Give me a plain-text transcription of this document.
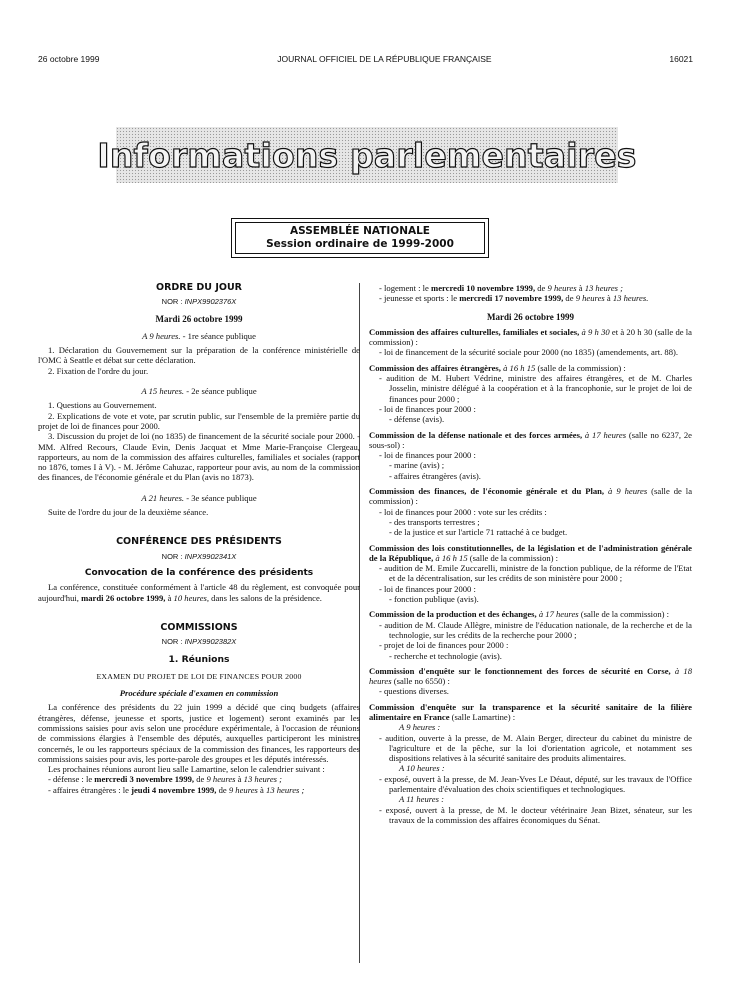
26 octobre 1999	JOURNAL OFFICIEL DE LA RÉPUBLIQUE FRANÇAISE	16021
Informations parlementaires
ASSEMBLÉE NATIONALE
Session ordinaire de 1999-2000
ORDRE DU JOUR
NOR : INPX9902376X
Mardi 26 octobre 1999
A 9 heures. - 1re séance publique
1. Déclaration du Gouvernement sur la préparation de la conférence ministérielle de l'OMC à Seattle et débat sur cette déclaration.
2. Fixation de l'ordre du jour.
A 15 heures. - 2e séance publique
1. Questions au Gouvernement.
2. Explications de vote et vote, par scrutin public, sur l'ensemble de la première partie du projet de loi de finances pour 2000.
3. Discussion du projet de loi (no 1835) de financement de la sécurité sociale pour 2000. - MM. Alfred Recours, Claude Evin, Denis Jacquat et Mme Marie-Françoise Clergeau, rapporteurs, au nom de la commission des affaires culturelles, familiales et sociales (rapport no 1876, tomes I à V). - M. Jérôme Cahuzac, rapporteur pour avis, au nom de la commission des finances, de l'économie générale et du Plan (avis no 1873).
A 21 heures. - 3e séance publique
Suite de l'ordre du jour de la deuxième séance.
CONFÉRENCE DES PRÉSIDENTS
NOR : INPX9902341X
Convocation de la conférence des présidents
La conférence, constituée conformément à l'article 48 du règlement, est convoquée pour aujourd'hui, mardi 26 octobre 1999, à 10 heures, dans les salons de la présidence.
COMMISSIONS
NOR : INPX9902382X
1. Réunions
EXAMEN DU PROJET DE LOI DE FINANCES POUR 2000
Procédure spéciale d'examen en commission
La conférence des présidents du 22 juin 1999 a décidé que cinq budgets (affaires étrangères, défense, jeunesse et sports, justice et logement) seront examinés par les commissions saisies pour avis selon une procédure expérimentale, à l'occasion de réunions de commissions élargies à l'ensemble des députés, auxquelles participeront les ministres concernés, le ou les rapporteurs spéciaux de la commission des finances, les rapporteurs des commissions saisies pour avis, les porte-parole des groupes et les députés intéressés.
Les prochaines réunions auront lieu salle Lamartine, selon le calendrier suivant :
- défense : le mercredi 3 novembre 1999, de 9 heures à 13 heures ;
- affaires étrangères : le jeudi 4 novembre 1999, de 9 heures à 13 heures ;
- logement : le mercredi 10 novembre 1999, de 9 heures à 13 heures ;
- jeunesse et sports : le mercredi 17 novembre 1999, de 9 heures à 13 heures.
Mardi 26 octobre 1999
Commission des affaires culturelles, familiales et sociales, à 9 h 30 et à 20 h 30 (salle de la commission) :
- loi de financement de la sécurité sociale pour 2000 (no 1835) (amendements, art. 88).
Commission des affaires étrangères, à 16 h 15 (salle de la commission) :
- audition de M. Hubert Védrine, ministre des affaires étrangères, et de M. Charles Josselin, ministre délégué à la coopération et à la francophonie, sur le projet de loi de finances pour 2000 ;
- loi de finances pour 2000 :
- défense (avis).
Commission de la défense nationale et des forces armées, à 17 heures (salle no 6237, 2e sous-sol) :
- loi de finances pour 2000 :
- marine (avis) ;
- affaires étrangères (avis).
Commission des finances, de l'économie générale et du Plan, à 9 heures (salle de la commission) :
- loi de finances pour 2000 : vote sur les crédits :
- des transports terrestres ;
- de la justice et sur l'article 71 rattaché à ce budget.
Commission des lois constitutionnelles, de la législation et de l'administration générale de la République, à 16 h 15 (salle de la commission) :
- audition de M. Emile Zuccarelli, ministre de la fonction publique, de la réforme de l'Etat et de la décentralisation, sur les crédits de son ministère pour 2000 ;
- loi de finances pour 2000 :
- fonction publique (avis).
Commission de la production et des échanges, à 17 heures (salle de la commission) :
- audition de M. Claude Allègre, ministre de l'éducation nationale, de la recherche et de la technologie, sur les crédits de la recherche pour 2000 ;
- projet de loi de finances pour 2000 :
- recherche et technologie (avis).
Commission d'enquête sur le fonctionnement des forces de sécurité en Corse, à 18 heures (salle no 6550) :
- questions diverses.
Commission d'enquête sur la transparence et la sécurité sanitaire de la filière alimentaire en France (salle Lamartine) :
A 9 heures :
- audition, ouverte à la presse, de M. Alain Berger, directeur du cabinet du ministre de l'agriculture et de la pêche, sur la loi d'orientation agricole, et notamment ses dispositions relatives à la sécurité sanitaire des produits alimentaires.
A 10 heures :
- exposé, ouvert à la presse, de M. Jean-Yves Le Déaut, député, sur les travaux de l'Office parlementaire d'évaluation des choix scientifiques et technologiques.
A 11 heures :
- exposé, ouvert à la presse, de M. le docteur vétérinaire Jean Bizet, sénateur, sur les travaux de la commission des affaires économiques du Sénat.
